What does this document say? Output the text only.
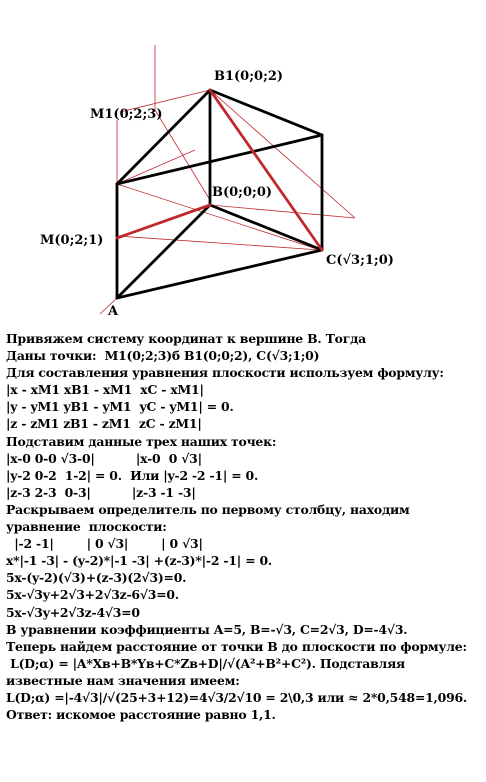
B1(0;0;2)
M1(0;2;3)
B(0;0;0)
M(0;2;1)
C(√3;1;0)
A
Привяжем систему координат к вершине В. Тогда
Даны точки:  M1(0;2;3)б B1(0;0;2), C(√3;1;0)
Для составления уравнения плоскости используем формулу:
|x - xM1 xB1 - xM1  xC - xM1|
|y - yM1 yB1 - yM1  yC - yM1| = 0.
|z - zM1 zB1 - zM1  zC - zM1|
Подставим данные трех наших точек:
|x-0 0-0 √3-0|          |x-0  0 √3|
|y-2 0-2  1-2| = 0.  Или |y-2 -2 -1| = 0.
|z-3 2-3  0-3|          |z-3 -1 -3|
Раскрываем определитель по первому столбцу, находим
уравнение  плоскости:
|-2 -1|        | 0 √3|        | 0 √3|
x*|-1 -3| - (y-2)*|-1 -3| +(z-3)*|-2 -1| = 0.
5x-(y-2)(√3)+(z-3)(2√3)=0.
5x-√3y+2√3+2√3z-6√3=0.
5x-√3y+2√3z-4√3=0
В уравнении коэффициенты A=5, B=-√3, C=2√3, D=-4√3.
Теперь найдем расстояние от точки В до плоскости по формуле:
L(D;α) = |A*Xв+B*Yв+C*Zв+D|/√(A²+B²+C²). Подставляя
известные нам значения имеем:
L(D;α) =|-4√3|/√(25+3+12)=4√3/2√10 = 2\0,3 или ≈ 2*0,548=1,096.
Ответ: искомое расстояние равно 1,1.
